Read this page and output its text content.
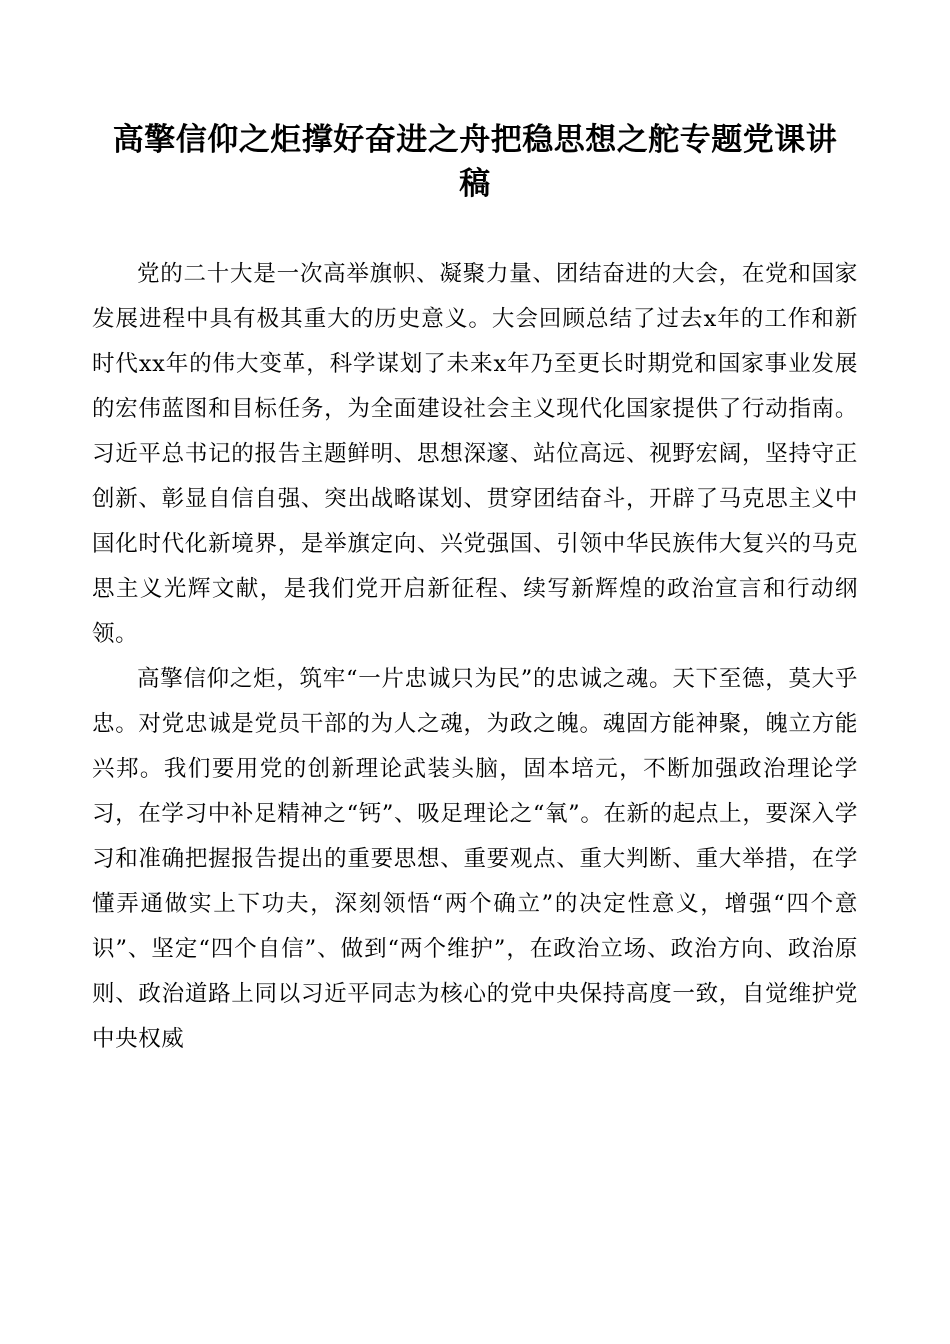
高擎信仰之炬撑好奋进之舟把稳思想之舵专题党课讲稿

党的二十大是一次高举旗帜、凝聚力量、团结奋进的大会，在党和国家发展进程中具有极其重大的历史意义。大会回顾总结了过去x年的工作和新时代xx年的伟大变革，科学谋划了未来x年乃至更长时期党和国家事业发展的宏伟蓝图和目标任务，为全面建设社会主义现代化国家提供了行动指南。习近平总书记的报告主题鲜明、思想深邃、站位高远、视野宏阔，坚持守正创新、彰显自信自强、突出战略谋划、贯穿团结奋斗，开辟了马克思主义中国化时代化新境界，是举旗定向、兴党强国、引领中华民族伟大复兴的马克思主义光辉文献，是我们党开启新征程、续写新辉煌的政治宣言和行动纲领。

高擎信仰之炬，筑牢“一片忠诚只为民”的忠诚之魂。天下至德，莫大乎忠。对党忠诚是党员干部的为人之魂，为政之魄。魂固方能神聚，魄立方能兴邦。我们要用党的创新理论武装头脑，固本培元，不断加强政治理论学习，在学习中补足精神之“钙”、吸足理论之“氧”。在新的起点上，要深入学习和准确把握报告提出的重要思想、重要观点、重大判断、重大举措，在学懂弄通做实上下功夫，深刻领悟“两个确立”的决定性意义，增强“四个意识”、坚定“四个自信”、做到“两个维护”，在政治立场、政治方向、政治原则、政治道路上同以习近平同志为核心的党中央保持高度一致，自觉维护党中央权威
